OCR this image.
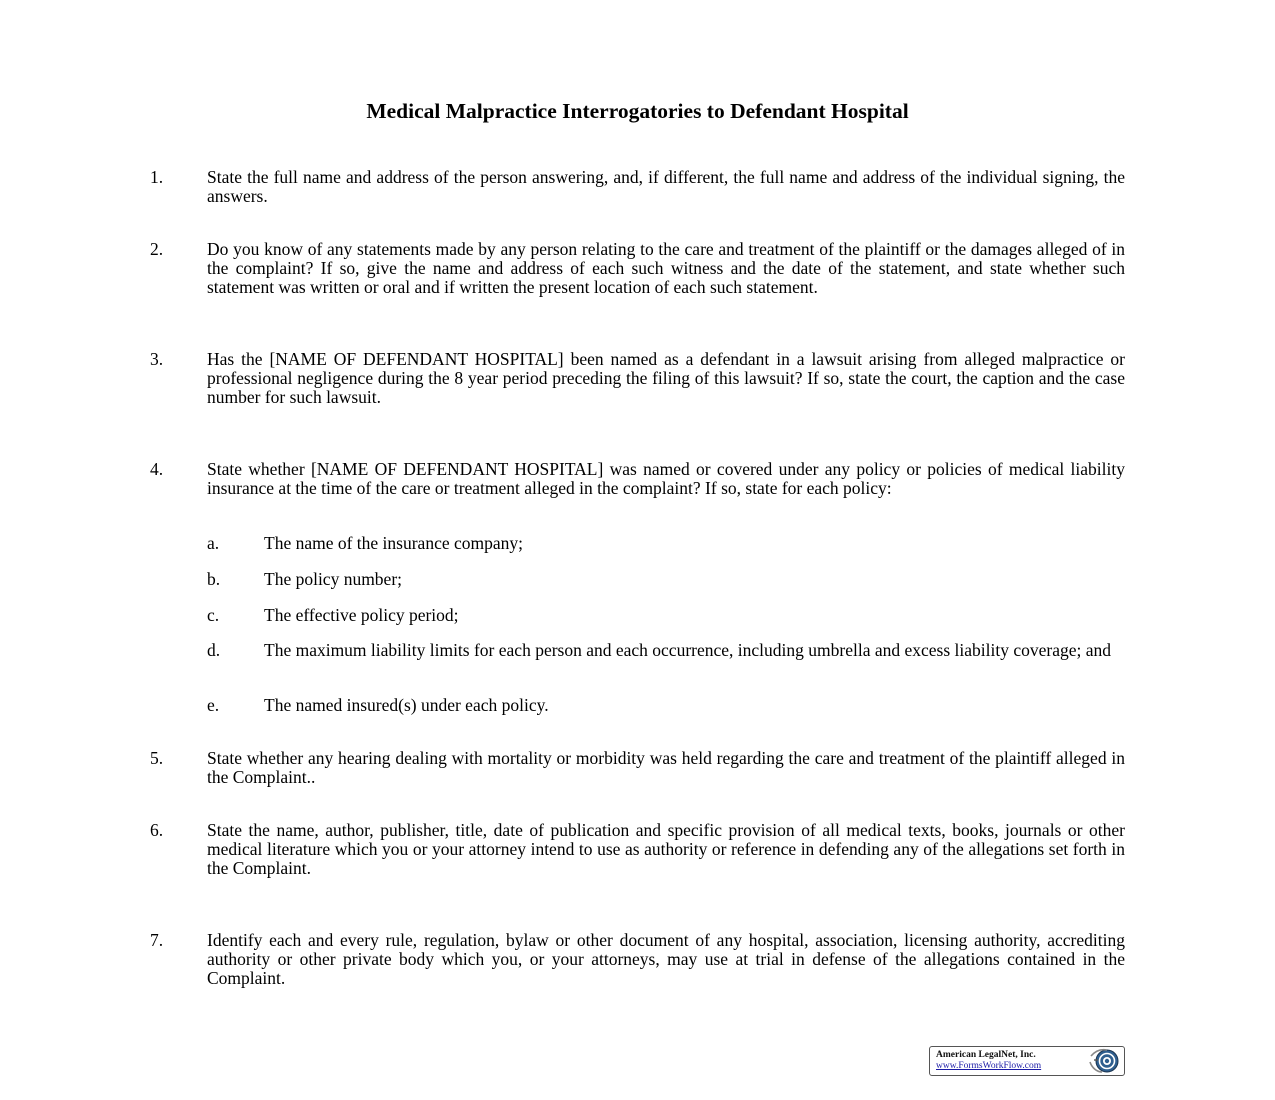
Medical Malpractice Interrogatories to Defendant Hospital
1.	State the full name and address of the person answering, and, if different, the full name and address of the individual signing, the answers.
2.	Do you know of any statements made by any person relating to the care and treatment of the plaintiff or the damages alleged of in the complaint? If so, give the name and address of each such witness and the date of the statement, and state whether such statement was written or oral and if written the present location of each such statement.
3.	Has the [NAME OF DEFENDANT HOSPITAL] been named as a defendant in a lawsuit arising from alleged malpractice or professional negligence during the 8 year period preceding the filing of this lawsuit? If so, state the court, the caption and the case number for such lawsuit.
4.	State whether [NAME OF DEFENDANT HOSPITAL] was named or covered under any policy or policies of medical liability insurance at the time of the care or treatment alleged in the complaint? If so, state for each policy:
a.	The name of the insurance company;
b.	The policy number;
c.	The effective policy period;
d.	The maximum liability limits for each person and each occurrence, including umbrella and excess liability coverage; and
e.	The named insured(s) under each policy.
5.	State whether any hearing dealing with mortality or morbidity was held regarding the care and treatment of the plaintiff alleged in the Complaint..
6.	State the name, author, publisher, title, date of publication and specific provision of all medical texts, books, journals or other medical literature which you or your attorney intend to use as authority or reference in defending any of the allegations set forth in the Complaint.
7.	Identify each and every rule, regulation, bylaw or other document of any hospital, association, licensing authority, accrediting authority or other private body which you, or your attorneys, may use at trial in defense of the allegations contained in the Complaint.
American LegalNet, Inc.
www.FormsWorkFlow.com
